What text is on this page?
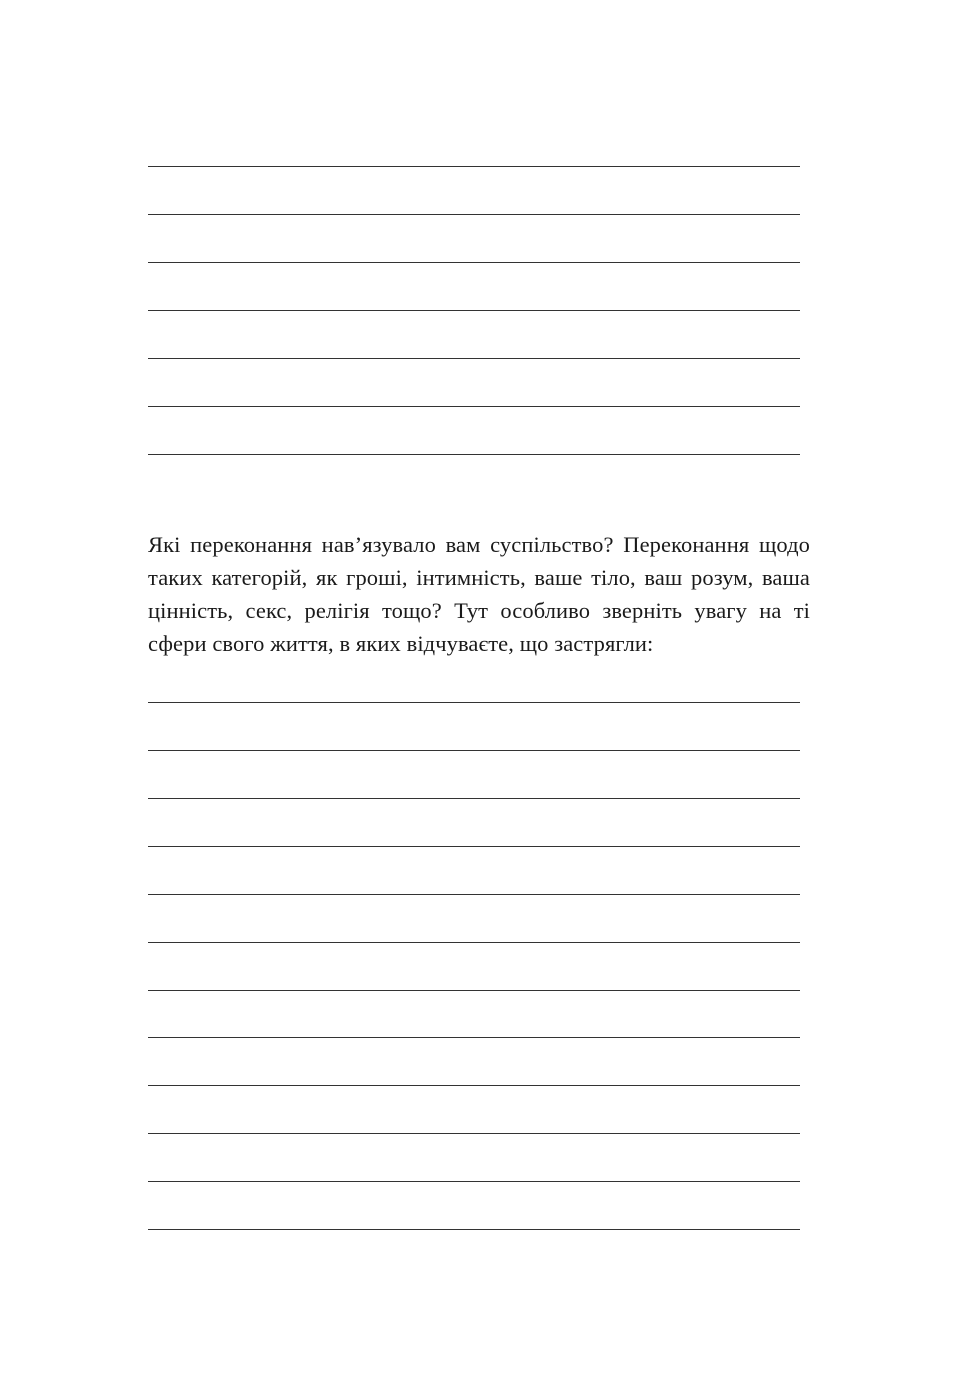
Які переконання нав’язувало вам суспільство? Переконання щодо таких категорій, як гроші, інтимність, ваше тіло, ваш розум, ваша цінність, секс, релігія тощо? Тут особливо зверніть увагу на ті сфери свого життя, в яких відчуваєте, що застрягли:
